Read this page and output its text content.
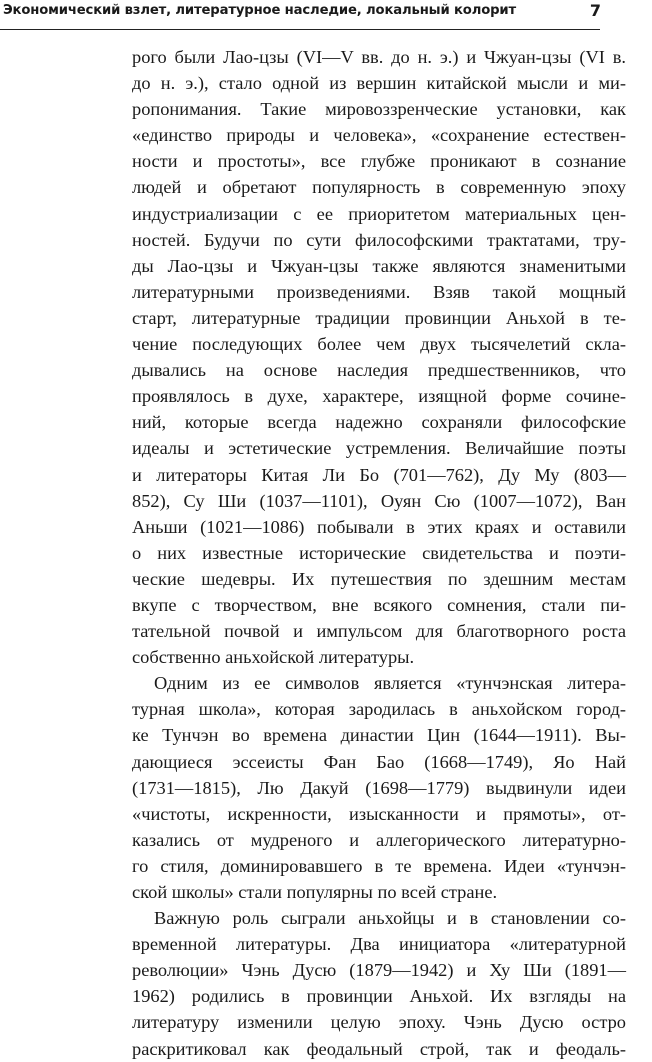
Экономический взлет, литературное наследие, локальный колорит	7
рого были Лао-цзы (VI—V вв. до н. э.) и Чжуан-цзы (VI в.
до н. э.), стало одной из вершин китайской мысли и ми-
ропонимания. Такие мировоззренческие установки, как
«единство природы и человека», «сохранение естествен-
ности и простоты», все глубже проникают в сознание
людей и обретают популярность в современную эпоху
индустриализации с ее приоритетом материальных цен-
ностей. Будучи по сути философскими трактатами, тру-
ды Лао-цзы и Чжуан-цзы также являются знаменитыми
литературными произведениями. Взяв такой мощный
старт, литературные традиции провинции Аньхой в те-
чение последующих более чем двух тысячелетий скла-
дывались на основе наследия предшественников, что
проявлялось в духе, характере, изящной форме сочине-
ний, которые всегда надежно сохраняли философские
идеалы и эстетические устремления. Величайшие поэты
и литераторы Китая Ли Бо (701—762), Ду Му (803—
852), Су Ши (1037—1101), Оуян Сю (1007—1072), Ван
Аньши (1021—1086) побывали в этих краях и оставили
о них известные исторические свидетельства и поэти-
ческие шедевры. Их путешествия по здешним местам
вкупе с творчеством, вне всякого сомнения, стали пи-
тательной почвой и импульсом для благотворного роста
собственно аньхойской литературы.
Одним из ее символов является «тунчэнская литера-
турная школа», которая зародилась в аньхойском город-
ке Тунчэн во времена династии Цин (1644—1911). Вы-
дающиеся эссеисты Фан Бао (1668—1749), Яо Най
(1731—1815), Лю Дакуй (1698—1779) выдвинули идеи
«чистоты, искренности, изысканности и прямоты», от-
казались от мудреного и аллегорического литературно-
го стиля, доминировавшего в те времена. Идеи «тунчэн-
ской школы» стали популярны по всей стране.
Важную роль сыграли аньхойцы и в становлении со-
временной литературы. Два инициатора «литературной
революции» Чэнь Дусю (1879—1942) и Ху Ши (1891—
1962) родились в провинции Аньхой. Их взгляды на
литературу изменили целую эпоху. Чэнь Дусю остро
раскритиковал как феодальный строй, так и феодаль-
